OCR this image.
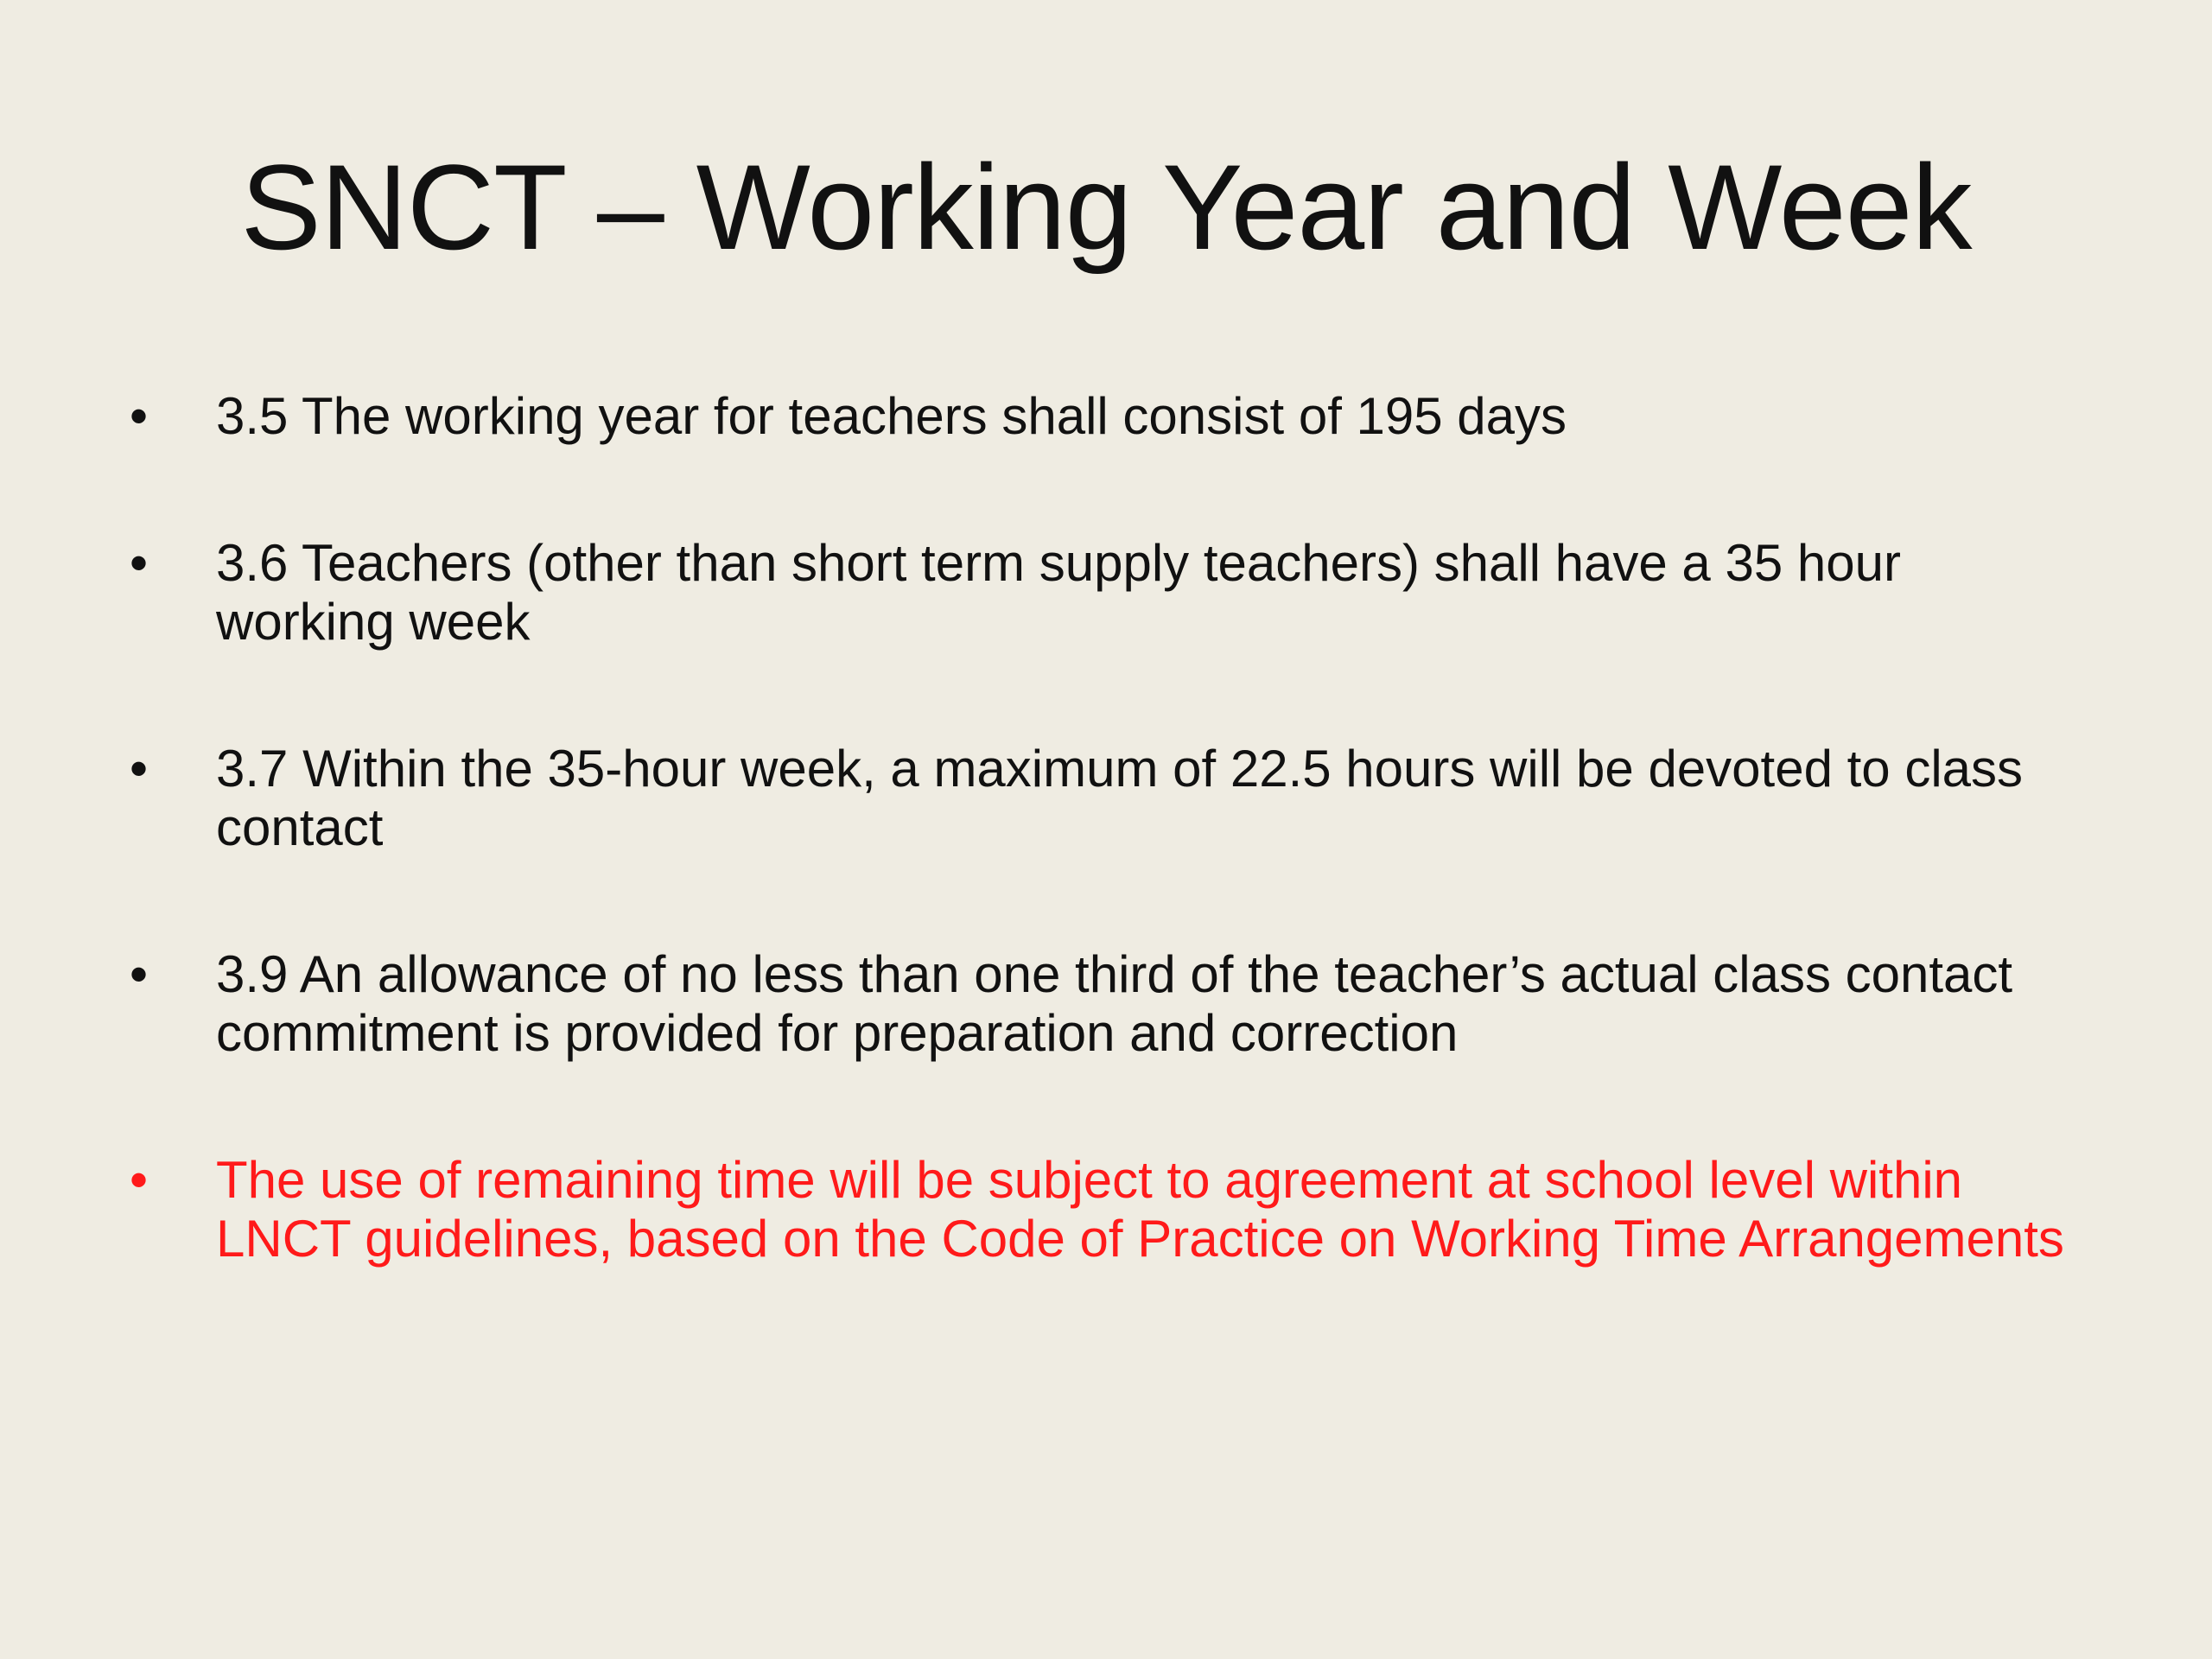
SNCT – Working Year and Week
•	3.5 The working year for teachers shall consist of 195 days
•	3.6 Teachers (other than short term supply teachers) shall have a 35 hour working week
•	3.7 Within the 35-hour week, a maximum of 22.5 hours will be devoted to class contact
•	3.9 An allowance of no less than one third of the teacher’s actual class contact commitment is provided for preparation and correction
•	The use of remaining time will be subject to agreement at school level within LNCT guidelines, based on the Code of Practice on Working Time Arrangements
